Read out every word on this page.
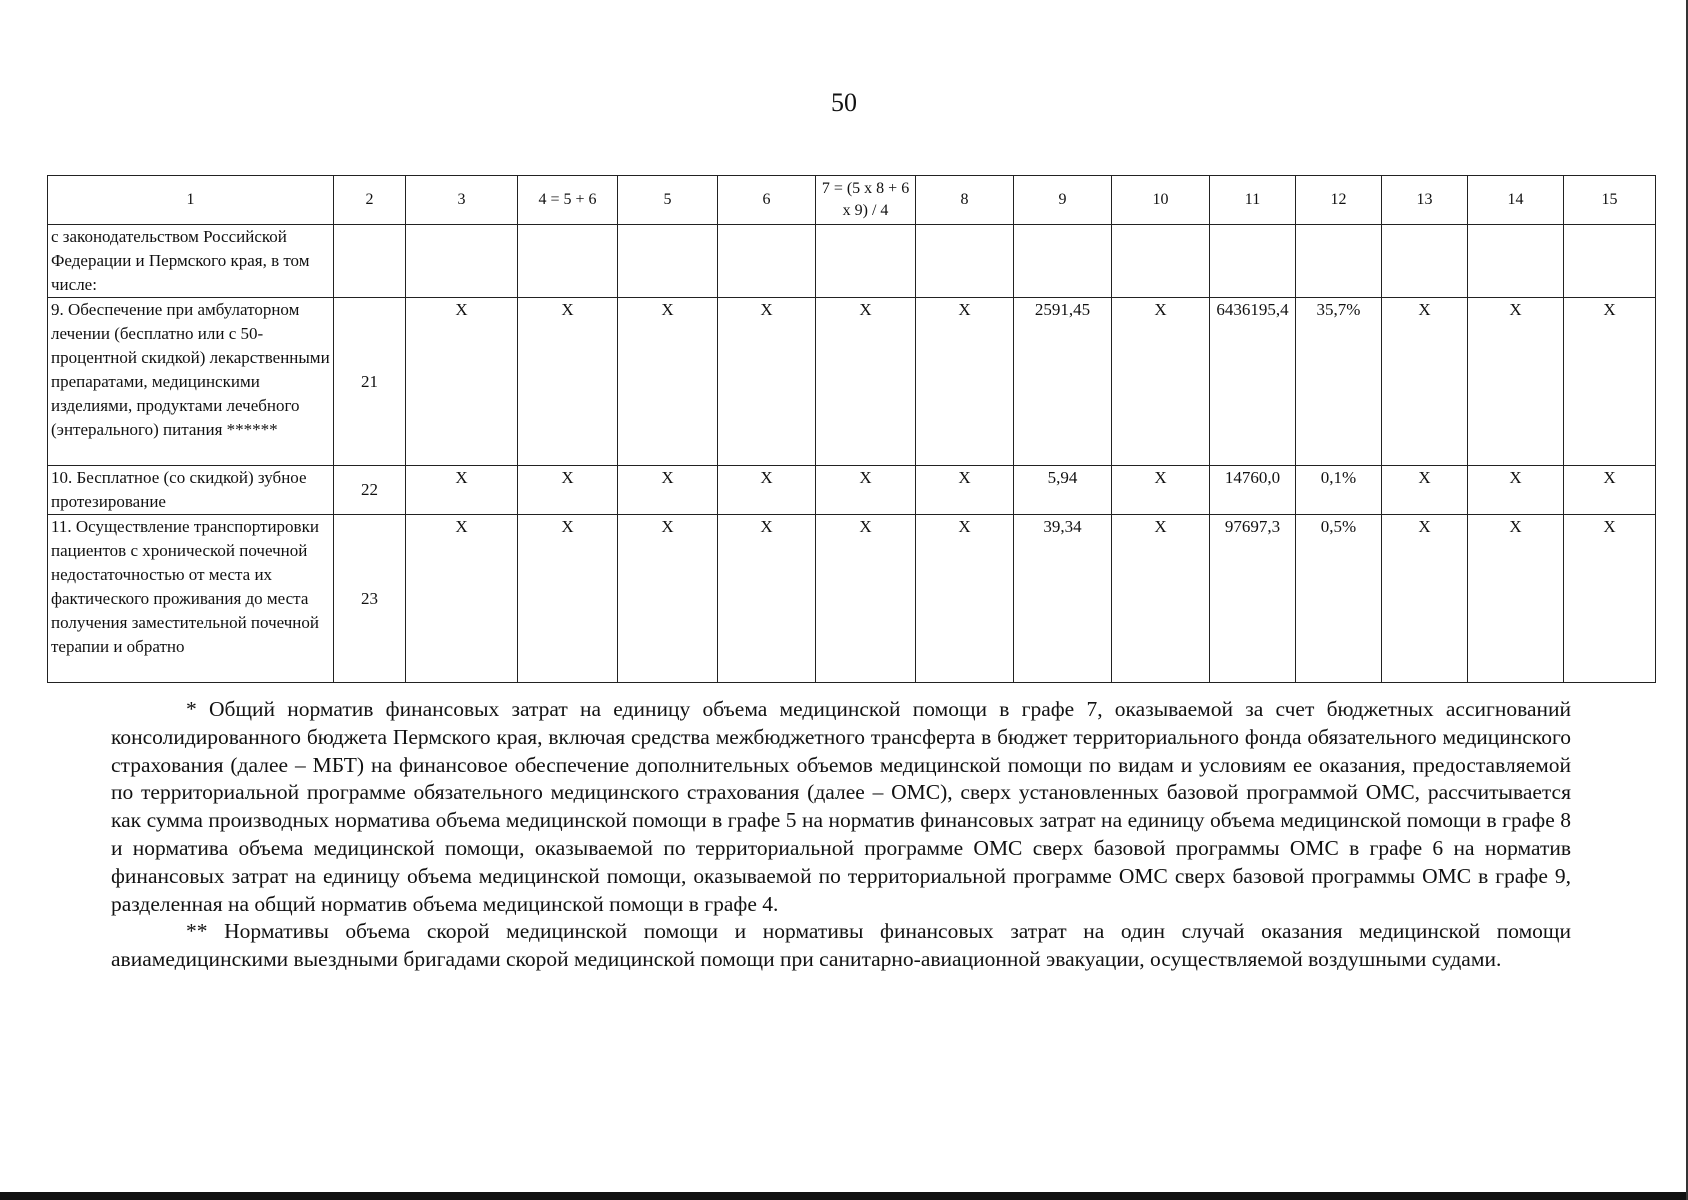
50
1	2	3	4 = 5 + 6	5	6	7 = (5 x 8 + 6 x 9) / 4	8	9	10	11	12	13	14	15
с законодательством Российской Федерации и Пермского края, в том числе:														
9. Обеспечение при амбулаторном лечении (бесплатно или с 50-процентной скидкой) лекарственными препаратами, медицинскими изделиями, продуктами лечебного (энтерального) питания ******	21	X	X	X	X	X	X	2591,45	X	6436195,4	35,7%	X	X	X
10. Бесплатное (со скидкой) зубное протезирование	22	X	X	X	X	X	X	5,94	X	14760,0	0,1%	X	X	X
11. Осуществление транспортировки пациентов с хронической почечной недостаточностью от места их фактического проживания до места получения заместительной почечной терапии и обратно	23	X	X	X	X	X	X	39,34	X	97697,3	0,5%	X	X	X

* Общий норматив финансовых затрат на единицу объема медицинской помощи в графе 7, оказываемой за счет бюджетных ассигнований консолидированного бюджета Пермского края, включая средства межбюджетного трансферта в бюджет территориального фонда обязательного медицинского страхования (далее – МБТ) на финансовое обеспечение дополнительных объемов медицинской помощи по видам и условиям ее оказания, предоставляемой по территориальной программе обязательного медицинского страхования (далее – ОМС), сверх установленных базовой программой ОМС, рассчитывается как сумма производных норматива объема медицинской помощи в графе 5 на норматив финансовых затрат на единицу объема медицинской помощи в графе 8 и норматива объема медицинской помощи, оказываемой по территориальной программе ОМС сверх базовой программы ОМС в графе 6 на норматив финансовых затрат на единицу объема медицинской помощи, оказываемой по территориальной программе ОМС сверх базовой программы ОМС в графе 9, разделенная на общий норматив объема медицинской помощи в графе 4.

** Нормативы объема скорой медицинской помощи и нормативы финансовых затрат на один случай оказания медицинской помощи авиамедицинскими выездными бригадами скорой медицинской помощи при санитарно-авиационной эвакуации, осуществляемой воздушными судами.
